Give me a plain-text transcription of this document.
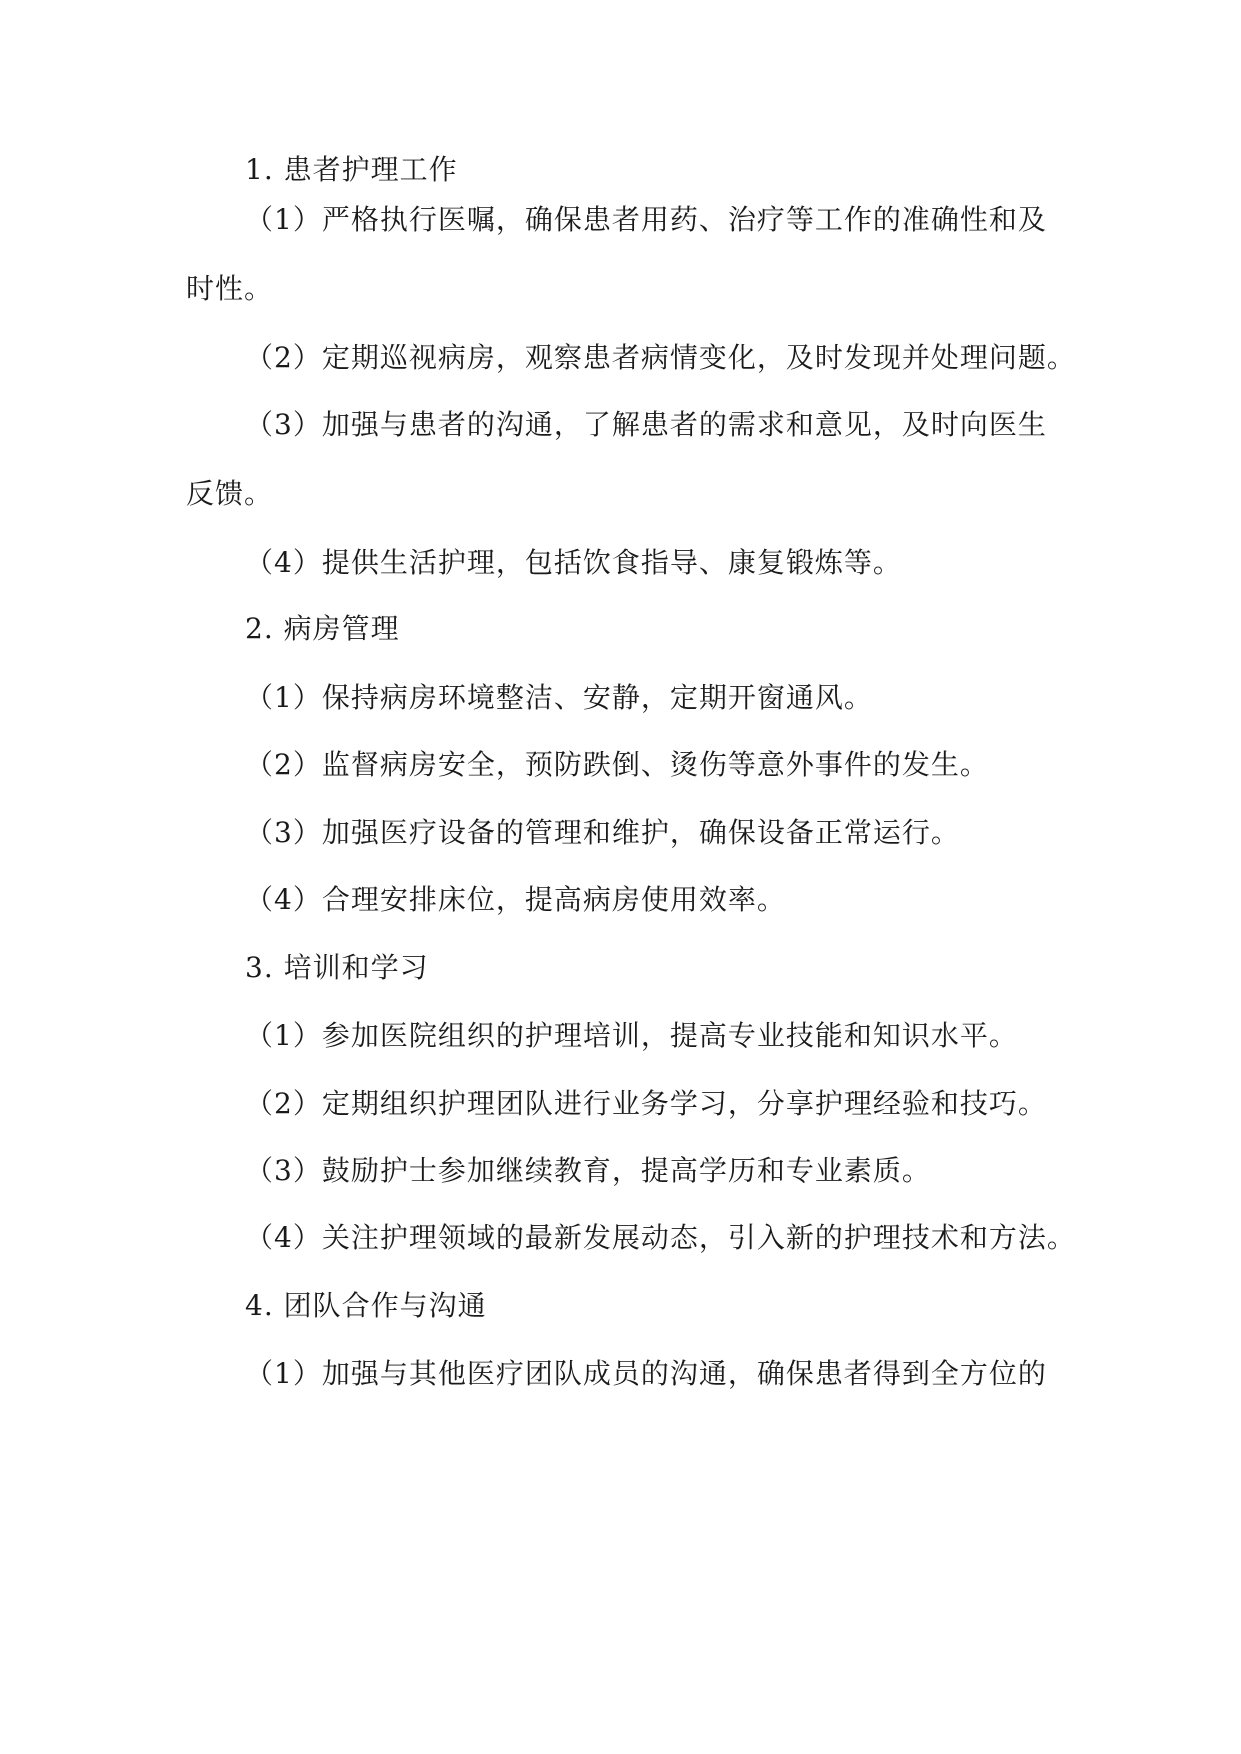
1. 患者护理工作
（1）严格执行医嘱，确保患者用药、治疗等工作的准确性和及
时性。
（2）定期巡视病房，观察患者病情变化，及时发现并处理问题。
（3）加强与患者的沟通，了解患者的需求和意见，及时向医生
反馈。
（4）提供生活护理，包括饮食指导、康复锻炼等。
2. 病房管理
（1）保持病房环境整洁、安静，定期开窗通风。
（2）监督病房安全，预防跌倒、烫伤等意外事件的发生。
（3）加强医疗设备的管理和维护，确保设备正常运行。
（4）合理安排床位，提高病房使用效率。
3. 培训和学习
（1）参加医院组织的护理培训，提高专业技能和知识水平。
（2）定期组织护理团队进行业务学习，分享护理经验和技巧。
（3）鼓励护士参加继续教育，提高学历和专业素质。
（4）关注护理领域的最新发展动态，引入新的护理技术和方法。
4. 团队合作与沟通
（1）加强与其他医疗团队成员的沟通，确保患者得到全方位的
